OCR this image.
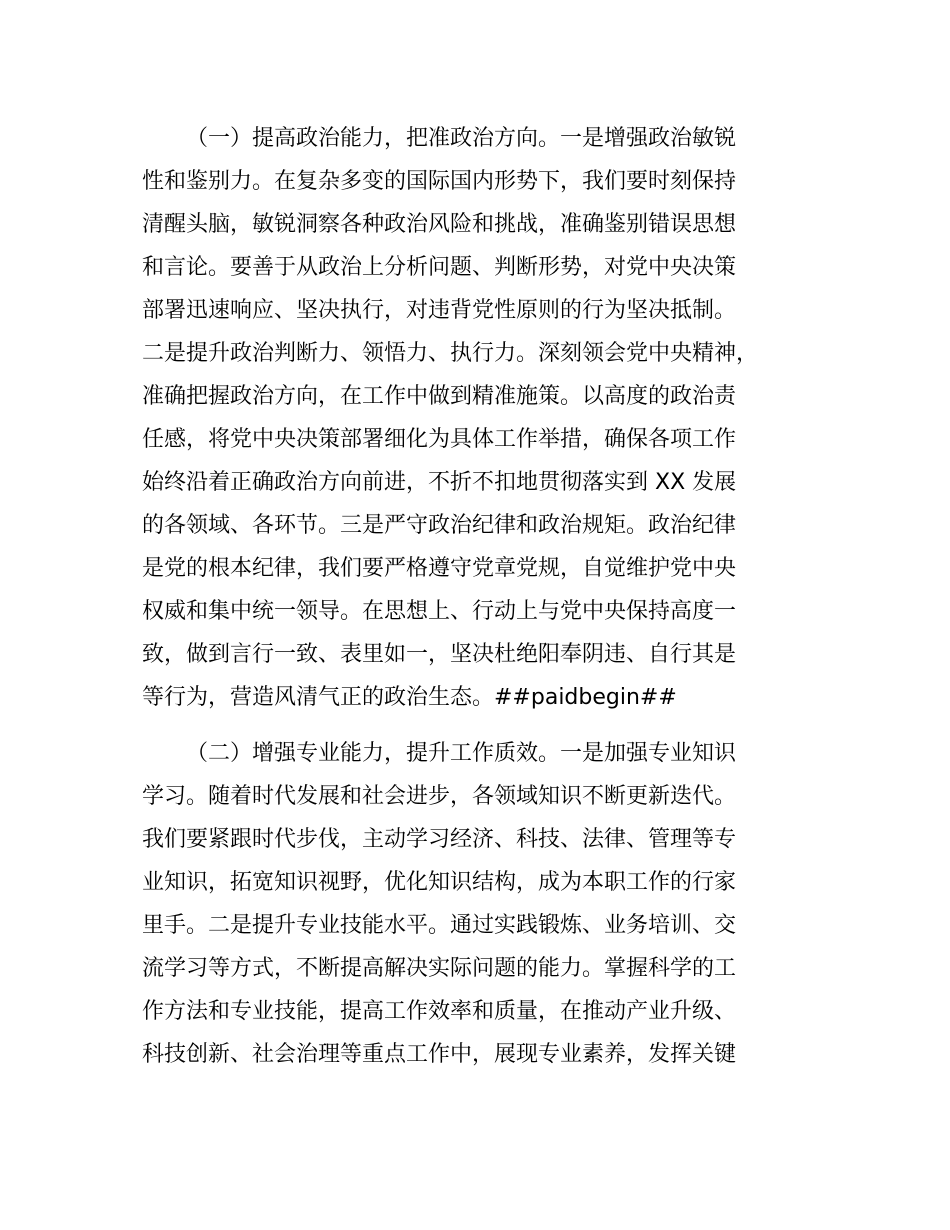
（一）提高政治能力，把准政治方向。一是增强政治敏锐
性和鉴别力。在复杂多变的国际国内形势下，我们要时刻保持
清醒头脑，敏锐洞察各种政治风险和挑战，准确鉴别错误思想
和言论。要善于从政治上分析问题、判断形势，对党中央决策
部署迅速响应、坚决执行，对违背党性原则的行为坚决抵制。
二是提升政治判断力、领悟力、执行力。深刻领会党中央精神，
准确把握政治方向，在工作中做到精准施策。以高度的政治责
任感，将党中央决策部署细化为具体工作举措，确保各项工作
始终沿着正确政治方向前进，不折不扣地贯彻落实到 XX 发展
的各领域、各环节。三是严守政治纪律和政治规矩。政治纪律
是党的根本纪律，我们要严格遵守党章党规，自觉维护党中央
权威和集中统一领导。在思想上、行动上与党中央保持高度一
致，做到言行一致、表里如一，坚决杜绝阳奉阴违、自行其是
等行为，营造风清气正的政治生态。##paidbegin##
（二）增强专业能力，提升工作质效。一是加强专业知识
学习。随着时代发展和社会进步，各领域知识不断更新迭代。
我们要紧跟时代步伐，主动学习经济、科技、法律、管理等专
业知识，拓宽知识视野，优化知识结构，成为本职工作的行家
里手。二是提升专业技能水平。通过实践锻炼、业务培训、交
流学习等方式，不断提高解决实际问题的能力。掌握科学的工
作方法和专业技能，提高工作效率和质量，在推动产业升级、
科技创新、社会治理等重点工作中，展现专业素养，发挥关键
